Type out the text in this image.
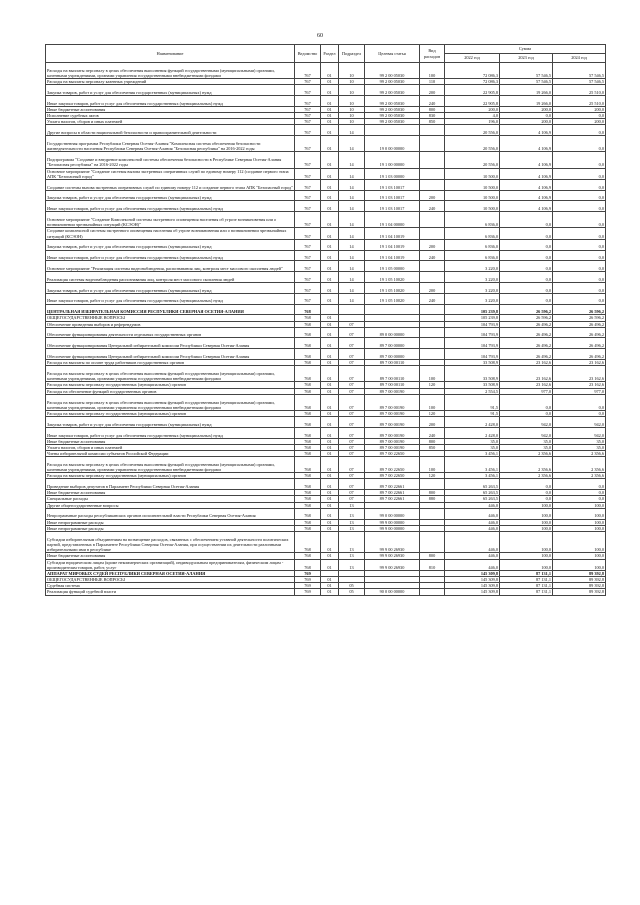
60
Наименование	Ведомство	Раздел	Подраздел	Целевая статья	Вид расходов	Сумма		
						2022 год	2023 год	2024 год
Расходы на выплаты персоналу в целях обеспечения выполнения функций государственными (муниципальными) органами, казенными учреждениями, органами управления государственными внебюджетными фондами	767	01	10	99 2 00 05030	100	72 086,3	57 546,5	57 546,5
Расходы на выплаты персоналу казенных учреждений	767	01	10	99 2 00 05030	110	72 086,3	57 546,5	57 546,5
Закупка товаров, работ и услуг для обеспечения государственных (муниципальных) нужд	767	01	10	99 2 00 05030	200	22 905,8	19 266,0	25 510,0
Иные закупки товаров, работ и услуг для обеспечения государственных (муниципальных) нужд	767	01	10	99 2 00 05030	240	22 905,8	19 266,0	25 510,0
Иные бюджетные ассигнования	767	01	10	99 2 00 05030	800	200,0	200,0	200,0
Исполнение судебных актов	767	01	10	99 2 00 05030	830	4,0	0,0	0,0
Уплата налогов, сборов и иных платежей	767	01	10	99 2 00 05030	850	196,0	200,0	200,0
Другие вопросы в области национальной безопасности и правоохранительной деятельности	767	01	14			20 556,0	4 106,9	0,0
Государственная программа Республики Северная Осетия-Алания "Комплексная система обеспечения безопасности жизнедеятельности населения Республики Северная Осетия-Алания "Безопасная республика" на 2016-2022 годы	767	01	14	19 0 00 00000		20 556,0	4 106,9	0,0
Подпрограмма "Создание и внедрение комплексной системы обеспечения безопасности в Республике Северная Осетия-Алания "Безопасная республика" на 2016-2022 годы	767	01	14	19 1 00 00000		20 556,0	4 106,9	0,0
Основное мероприятие "Создание системы вызова экстренных оперативных служб по единому номеру 112 (создание первого этапа АПК "Безопасный город"	767	01	14	19 1 03 00000		10 500,0	4 106,9	0,0
Создание системы вызова экстренных оперативных служб по единому номеру 112 и создание первого этапа АПК "Безопасный город"	767	01	14	19 1 03 10017		10 500,0	4 106,9	0,0
Закупка товаров, работ и услуг для обеспечения государственных (муниципальных) нужд	767	01	14	19 1 03 10017	200	10 500,0	4 106,9	0,0
Иные закупки товаров, работ и услуг для обеспечения государственных (муниципальных) нужд	767	01	14	19 1 03 10017	240	10 500,0	4 106,9	0,0
Основное мероприятие "Создание Комплексной системы экстренного оповещения населения об угрозе возникновения или о возникновении чрезвычайных ситуаций (КСЭОН)"	767	01	14	19 1 04 00000		6 836,0	0,0	0,0
Создание комплексной системы экстренного оповещения населения об угрозе возникновения или о возникновении чрезвычайных ситуаций (КСЭОН)	767	01	14	19 1 04 10019		6 836,0	0,0	0,0
Закупка товаров, работ и услуг для обеспечения государственных (муниципальных) нужд	767	01	14	19 1 04 10019	200	6 836,0	0,0	0,0
Иные закупки товаров, работ и услуг для обеспечения государственных (муниципальных) нужд	767	01	14	19 1 04 10019	240	6 836,0	0,0	0,0
Основное мероприятие "Реализация системы видеонаблюдения, распознавания лиц, контроля мест массового скопления людей"	767	01	14	19 1 05 00000		3 220,0	0,0	0,0
Реализация системы видеонаблюдения распознавания лиц, контроля мест массового скопления людей	767	01	14	19 1 05 10020		3 220,0	0,0	0,0
Закупка товаров, работ и услуг для обеспечения государственных (муниципальных) нужд	767	01	14	19 1 05 10020	200	3 220,0	0,0	0,0
Иные закупки товаров, работ и услуг для обеспечения государственных (муниципальных) нужд	767	01	14	19 1 05 10020	240	3 220,0	0,0	0,0
ЦЕНТРАЛЬНАЯ ИЗБИРАТЕЛЬНАЯ КОМИССИЯ РЕСПУБЛИКИ СЕВЕРНАЯ ОСЕТИЯ-АЛАНИЯ	768					105 239,8	26 596,2	26 596,2
ОБЩЕГОСУДАРСТВЕННЫЕ ВОПРОСЫ	768	01				105 239,8	26 596,2	26 596,2
Обеспечение проведения выборов и референдумов	768	01	07			104 793,9	26 496,2	26 496,2
Обеспечение функционирования деятельности отдельных государственных органов	768	01	07	89 0 00 00000		104 793,9	26 496,2	26 496,2
Обеспечение функционирования Центральной избирательной комиссии Республики Северная Осетия-Алания	768	01	07	89 7 00 00000		104 793,9	26 496,2	26 496,2
Обеспечение функционирования Центральной избирательной комиссии Республики Северная Осетия-Алания	768	01	07	89 7 00 00000		104 793,9	26 496,2	26 496,2
Расходы на выплаты по оплате труда работников государственных органов	768	01	07	89 7 00 00110		33 508,9	23 162,6	23 162,6
Расходы на выплаты персоналу в целях обеспечения выполнения функций государственными (муниципальными) органами, казенными учреждениями, органами управления государственными внебюджетными фондами	768	01	07	89 7 00 00110	100	33 508,9	23 162,6	23 162,6
Расходы на выплаты персоналу государственных (муниципальных) органов	768	01	07	89 7 00 00110	120	33 508,9	23 162,6	23 162,6
Расходы на обеспечение функций государственных органов	768	01	07	89 7 00 00190		2 554,5	977,0	977,0
Расходы на выплаты персоналу в целях обеспечения выполнения функций государственными (муниципальными) органами, казенными учреждениями, органами управления государственными внебюджетными фондами	768	01	07	89 7 00 00190	100	91,5	0,0	0,0
Расходы на выплаты персоналу государственных (муниципальных) органов	768	01	07	89 7 00 00190	120	91,5	0,0	0,0
Закупка товаров, работ и услуг для обеспечения государственных (муниципальных) нужд	768	01	07	89 7 00 00190	200	2 428,0	942,0	942,0
Иные закупки товаров, работ и услуг для обеспечения государственных (муниципальных) нужд	768	01	07	89 7 00 00190	240	2 428,0	942,0	942,0
Иные бюджетные ассигнования	768	01	07	89 7 00 00190	800	35,0	35,0	35,0
Уплата налогов, сборов и иных платежей	768	01	07	89 7 00 00190	850	35,0	35,0	35,0
Члены избирательной комиссии субъектов Российской Федерации	768	01	07	89 7 00 22650		3 456,1	2 356,6	2 356,6
Расходы на выплаты персоналу в целях обеспечения выполнения функций государственными (муниципальными) органами, казенными учреждениями, органами управления государственными внебюджетными фондами	768	01	07	89 7 00 22650	100	3 456,1	2 356,6	2 356,6
Расходы на выплаты персоналу государственных (муниципальных) органов	768	01	07	89 7 00 22650	120	3 456,1	2 356,6	2 356,6
Проведение выборов депутатов в Парламент Республики Северная Осетия-Алания	768	01	07	89 7 00 22661		65 263,5	0,0	0,0
Иные бюджетные ассигнования	768	01	07	89 7 00 22661	800	65 263,5	0,0	0,0
Специальные расходы	768	01	07	89 7 00 22661	880	65 263,5	0,0	0,0
Другие общегосударственные вопросы	768	01	13			446,0	100,0	100,0
Непрограммные расходы республиканских органов исполнительной власти Республики Северная Осетия-Алания	768	01	13	99 0 00 00000		446,0	100,0	100,0
Иные непрограммные расходы	768	01	13	99 9 00 00000		446,0	100,0	100,0
Иные непрограммные расходы	768	01	13	99 9 00 00000		446,0	100,0	100,0
Субсидии избирательным объединениям на возмещение расходов, связанных с обеспечением уставной деятельности политических партий, представленных в Парламенте Республики Северная Осетия-Алания, при осуществлении их деятельности различными избирательными ими в республике	768	01	13	99 9 00 26930		446,0	100,0	100,0
Иные бюджетные ассигнования	768	01	13	99 9 00 26930	800	446,0	100,0	100,0
Субсидии юридическим лицам (кроме некоммерческих организаций), индивидуальным предпринимателям, физическим лицам - производителям товаров, работ, услуг	768	01	13	99 9 00 26930	810	446,0	100,0	100,0
АППАРАТ МИРОВЫХ СУДЕЙ РЕСПУБЛИКИ СЕВЕРНАЯ ОСЕТИЯ-АЛАНИЯ	769					145 309,8	87 131,1	89 392,8
ОБЩЕГОСУДАРСТВЕННЫЕ ВОПРОСЫ	769	01				145 309,8	87 131,1	89 392,8
Судебная система	769	01	05			145 309,8	87 131,1	89 392,8
Реализация функций судебной власти	769	01	05	90 0 00 00000		145 309,8	87 131,1	89 392,8
